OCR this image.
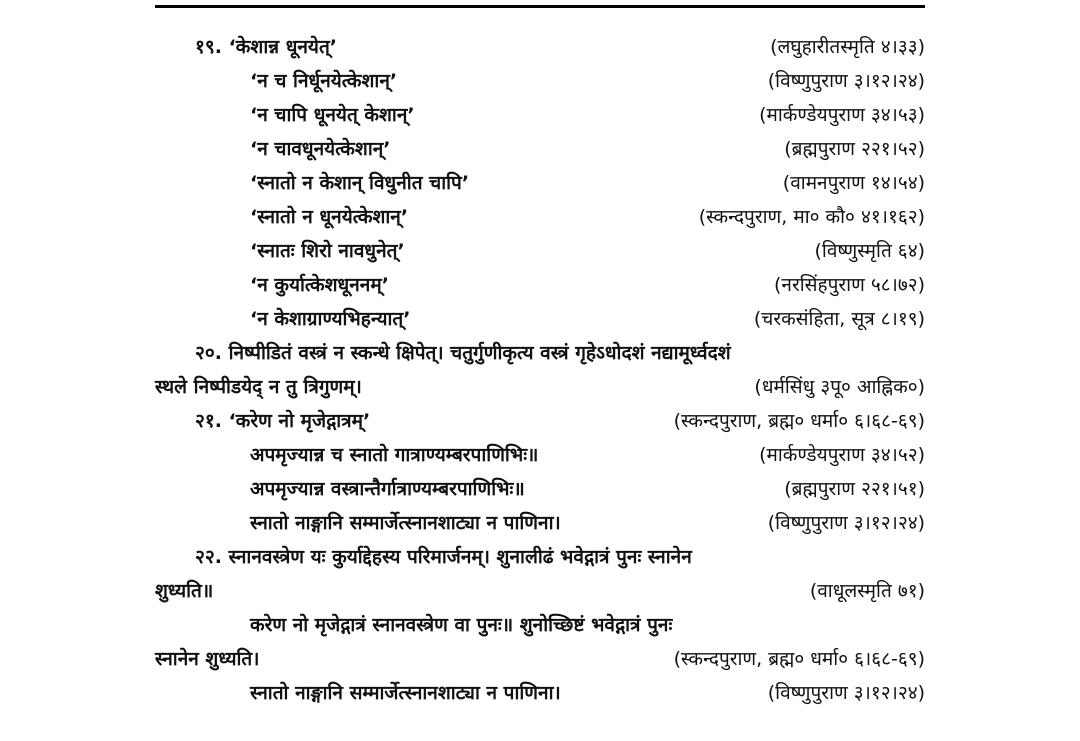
१९. ‘केशान्न धूनयेत्’	(लघुहारीतस्मृति ४।३३)
‘न च निर्धूनयेत्केशान्’	(विष्णुपुराण ३।१२।२४)
‘न चापि धूनयेत् केशान्’	(मार्कण्डेयपुराण ३४।५३)
‘न चावधूनयेत्केशान्’	(ब्रह्मपुराण २२१।५२)
‘स्नातो न केशान् विधुनीत चापि’	(वामनपुराण १४।५४)
‘स्नातो न धूनयेत्केशान्’	(स्कन्दपुराण, मा० कौ० ४१।१६२)
‘स्नातः शिरो नावधुनेत्’	(विष्णुस्मृति ६४)
‘न कुर्यात्केशधूननम्’	(नरसिंहपुराण ५८।७२)
‘न केशाग्राण्यभिहन्यात्’	(चरकसंहिता, सूत्र ८।१९)
२०. निष्पीडितं वस्त्रं न स्कन्धे क्षिपेत्। चतुर्गुणीकृत्य वस्त्रं गृहेऽधोदशं नद्यामूर्ध्वदशं
स्थले निष्पीडयेद् न तु त्रिगुणम्।	(धर्मसिंधु ३पू० आह्निक०)
२१. ‘करेण नो मृजेद्गात्रम्’	(स्कन्दपुराण, ब्रह्म० धर्मा० ६।६८-६९)
अपमृज्यान्न च स्नातो गात्राण्यम्बरपाणिभिः॥	(मार्कण्डेयपुराण ३४।५२)
अपमृज्यान्न वस्त्रान्तैर्गात्राण्यम्बरपाणिभिः॥	(ब्रह्मपुराण २२१।५१)
स्नातो नाङ्गानि सम्मार्जेत्स्नानशाट्या न पाणिना।	(विष्णुपुराण ३।१२।२४)
२२. स्नानवस्त्रेण यः कुर्याद्देहस्य परिमार्जनम्। शुनालीढं भवेद्गात्रं पुनः स्नानेन
शुध्यति॥	(वाधूलस्मृति ७१)
करेण नो मृजेद्गात्रं स्नानवस्त्रेण वा पुनः॥ शुनोच्छिष्टं भवेद्गात्रं पुनः
स्नानेन शुध्यति।	(स्कन्दपुराण, ब्रह्म० धर्मा० ६।६८-६९)
स्नातो नाङ्गानि सम्मार्जेत्स्नानशाट्या न पाणिना।	(विष्णुपुराण ३।१२।२४)
